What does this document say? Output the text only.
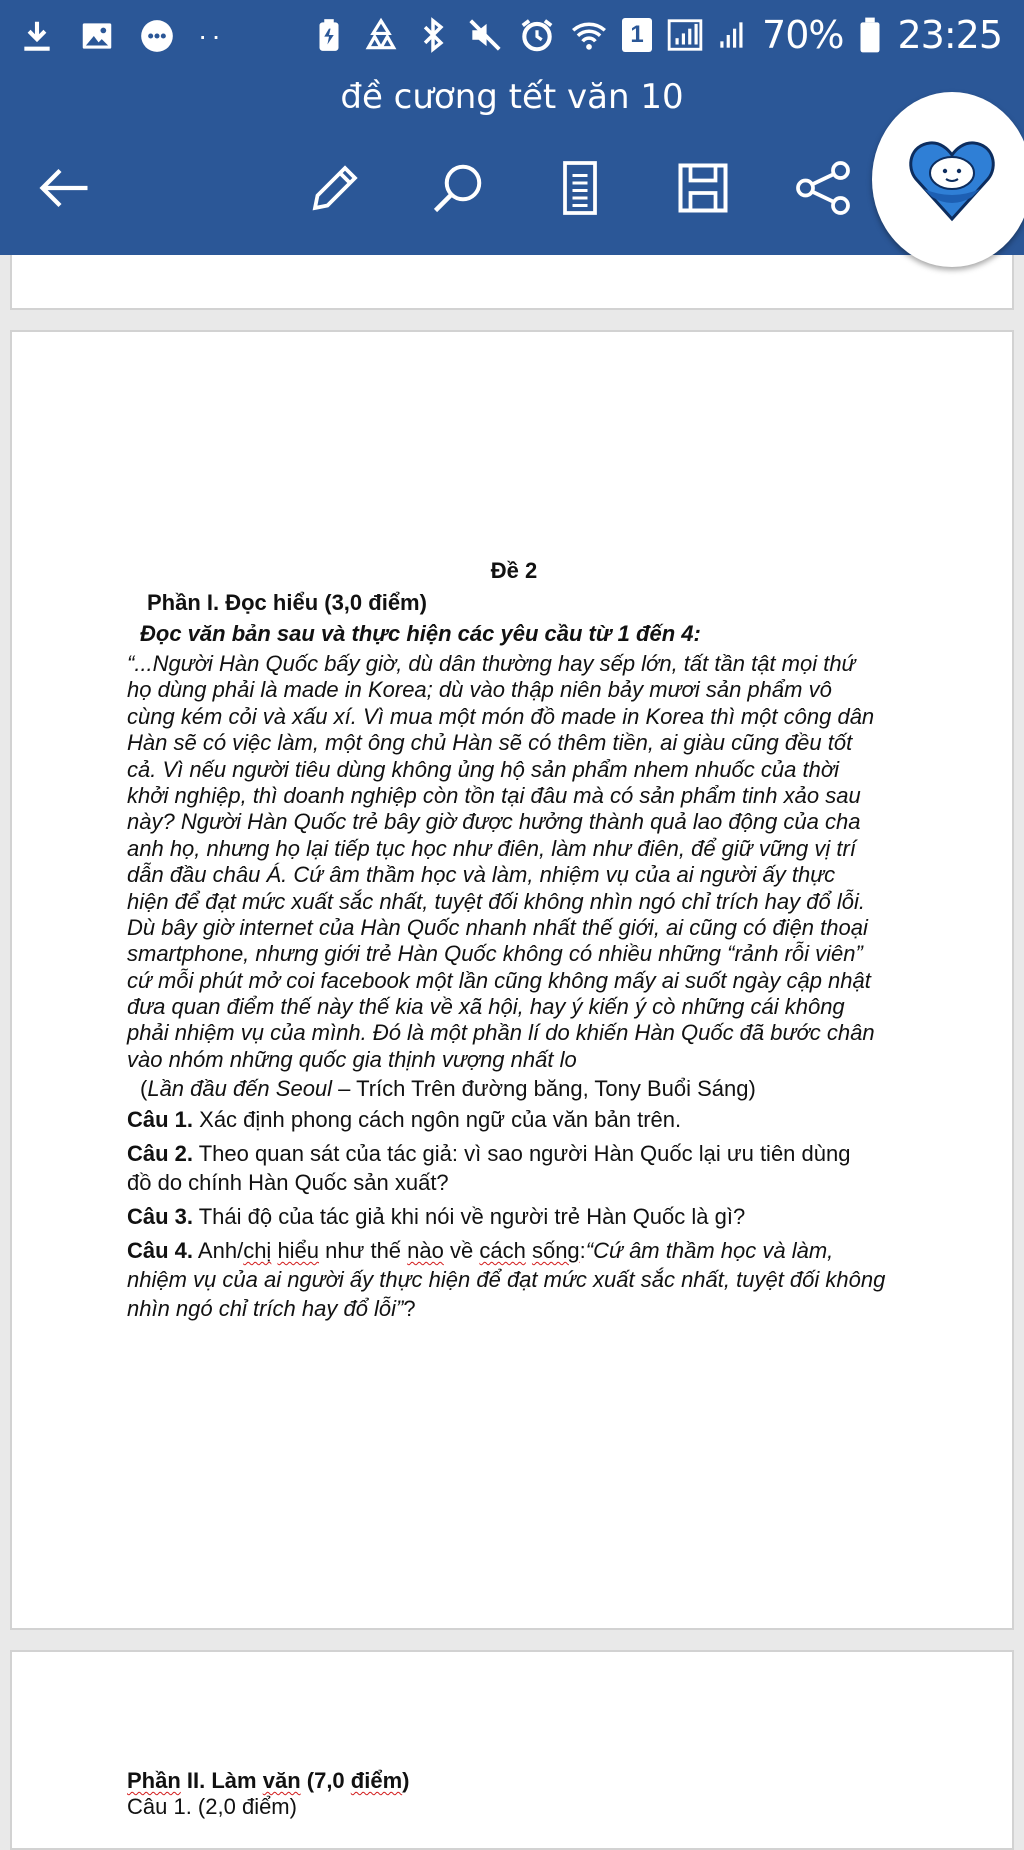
··	1	70% 23:25
đề cương tết văn 10
Đề 2
Phần I. Đọc hiểu (3,0 điểm)
Đọc văn bản sau và thực hiện các yêu cầu từ 1 đến 4:
“...Người Hàn Quốc bấy giờ, dù dân thường hay sếp lớn, tất tần tật mọi thứ
họ dùng phải là made in Korea; dù vào thập niên bảy mươi sản phẩm vô
cùng kém cỏi và xấu xí. Vì mua một món đồ made in Korea thì một công dân
Hàn sẽ có việc làm, một ông chủ Hàn sẽ có thêm tiền, ai giàu cũng đều tốt
cả. Vì nếu người tiêu dùng không ủng hộ sản phẩm nhem nhuốc của thời
khởi nghiệp, thì doanh nghiệp còn tồn tại đâu mà có sản phẩm tinh xảo sau
này? Người Hàn Quốc trẻ bây giờ được hưởng thành quả lao động của cha
anh họ, nhưng họ lại tiếp tục học như điên, làm như điên, để giữ vững vị trí
dẫn đầu châu Á. Cứ âm thầm học và làm, nhiệm vụ của ai người ấy thực
hiện để đạt mức xuất sắc nhất, tuyệt đối không nhìn ngó chỉ trích hay đổ lỗi.
Dù bây giờ internet của Hàn Quốc nhanh nhất thế giới, ai cũng có điện thoại
smartphone, nhưng giới trẻ Hàn Quốc không có nhiều những “rảnh rỗi viên”
cứ mỗi phút mở coi facebook một lần cũng không mấy ai suốt ngày cập nhật
đưa quan điểm thế này thế kia về xã hội, hay ý kiến ý cò những cái không
phải nhiệm vụ của mình. Đó là một phần lí do khiến Hàn Quốc đã bước chân
vào nhóm những quốc gia thịnh vượng nhất lo
(Lần đầu đến Seoul – Trích Trên đường băng, Tony Buổi Sáng)
Câu 1. Xác định phong cách ngôn ngữ của văn bản trên.
Câu 2. Theo quan sát của tác giả: vì sao người Hàn Quốc lại ưu tiên dùng
đồ do chính Hàn Quốc sản xuất?
Câu 3. Thái độ của tác giả khi nói về người trẻ Hàn Quốc là gì?
Câu 4. Anh/chị hiểu như thế nào về cách sống:“Cứ âm thầm học và làm,
nhiệm vụ của ai người ấy thực hiện để đạt mức xuất sắc nhất, tuyệt đối không
nhìn ngó chỉ trích hay đổ lỗi”?
Phần II. Làm văn (7,0 điểm)
Câu 1. (2,0 điểm)
